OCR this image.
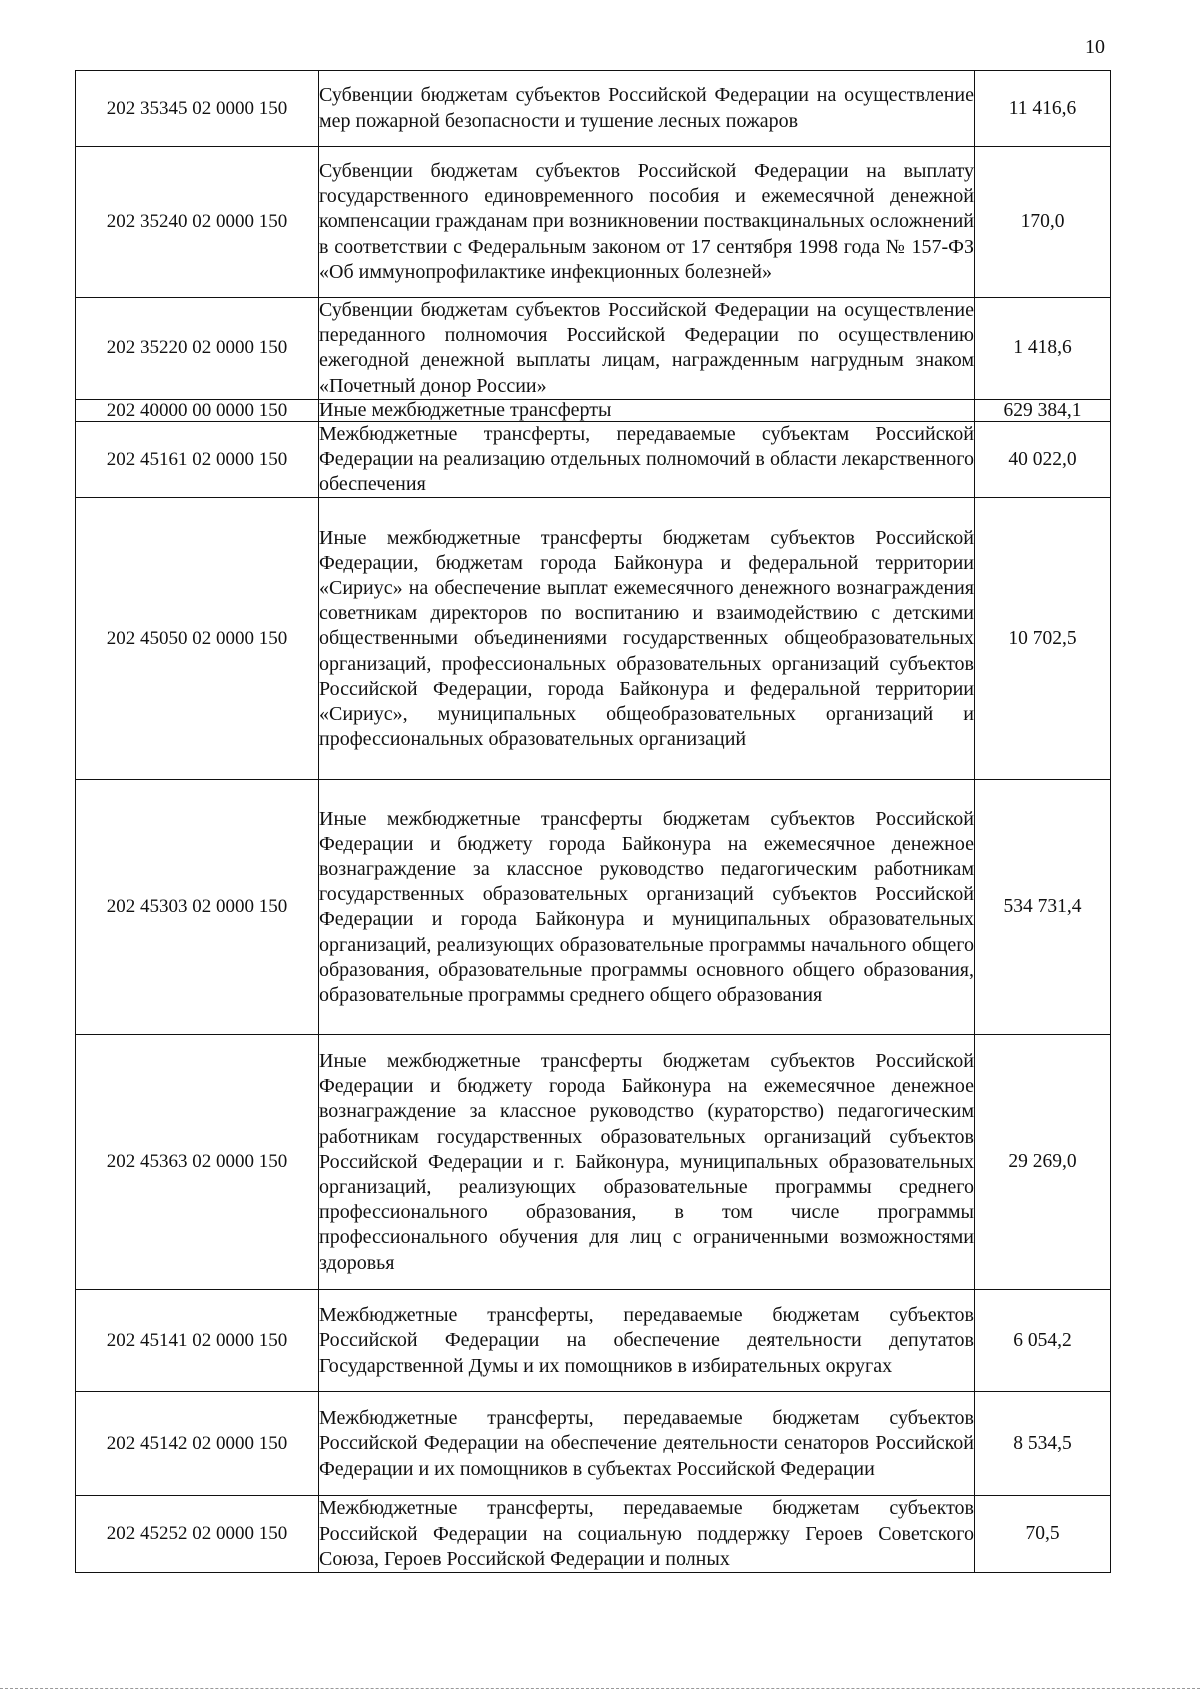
10
202 35345 02 0000 150	Субвенции бюджетам субъектов Российской Федерации на осуществление мер пожарной безопасности и тушение лесных пожаров	11 416,6
202 35240 02 0000 150	Субвенции бюджетам субъектов Российской Федерации на выплату государственного единовременного пособия и ежемесячной денежной компенсации гражданам при возникновении поствакцинальных осложнений в соответствии с Федеральным законом от 17 сентября 1998 года № 157-ФЗ «Об иммунопрофилактике инфекционных болезней»	170,0
202 35220 02 0000 150	Субвенции бюджетам субъектов Российской Федерации на осуществление переданного полномочия Российской Федерации по осуществлению ежегодной денежной выплаты лицам, награжденным нагрудным знаком «Почетный донор России»	1 418,6
202 40000 00 0000 150	Иные межбюджетные трансферты	629 384,1
202 45161 02 0000 150	Межбюджетные трансферты, передаваемые субъектам Российской Федерации на реализацию отдельных полномочий в области лекарственного обеспечения	40 022,0
202 45050 02 0000 150	Иные межбюджетные трансферты бюджетам субъектов Российской Федерации, бюджетам города Байконура и федеральной территории «Сириус» на обеспечение выплат ежемесячного денежного вознаграждения советникам директоров по воспитанию и взаимодействию с детскими общественными объединениями государственных общеобразовательных организаций, профессиональных образовательных организаций субъектов Российской Федерации, города Байконура и федеральной территории «Сириус», муниципальных общеобразовательных организаций и профессиональных образовательных организаций	10 702,5
202 45303 02 0000 150	Иные межбюджетные трансферты бюджетам субъектов Российской Федерации и бюджету города Байконура на ежемесячное денежное вознаграждение за классное руководство педагогическим работникам государственных образовательных организаций субъектов Российской Федерации и города Байконура и муниципальных образовательных организаций, реализующих образовательные программы начального общего образования, образовательные программы основного общего образования, образовательные программы среднего общего образования	534 731,4
202 45363 02 0000 150	Иные межбюджетные трансферты бюджетам субъектов Российской Федерации и бюджету города Байконура на ежемесячное денежное вознаграждение за классное руководство (кураторство) педагогическим работникам государственных образовательных организаций субъектов Российской Федерации и г. Байконура, муниципальных образовательных организаций, реализующих образовательные программы среднего профессионального образования, в том числе программы профессионального обучения для лиц с ограниченными возможностями здоровья	29 269,0
202 45141 02 0000 150	Межбюджетные трансферты, передаваемые бюджетам субъектов Российской Федерации на обеспечение деятельности депутатов Государственной Думы и их помощников в избирательных округах	6 054,2
202 45142 02 0000 150	Межбюджетные трансферты, передаваемые бюджетам субъектов Российской Федерации на обеспечение деятельности сенаторов Российской Федерации и их помощников в субъектах Российской Федерации	8 534,5
202 45252 02 0000 150	Межбюджетные трансферты, передаваемые бюджетам субъектов Российской Федерации на социальную поддержку Героев Советского Союза, Героев Российской Федерации и полных	70,5
